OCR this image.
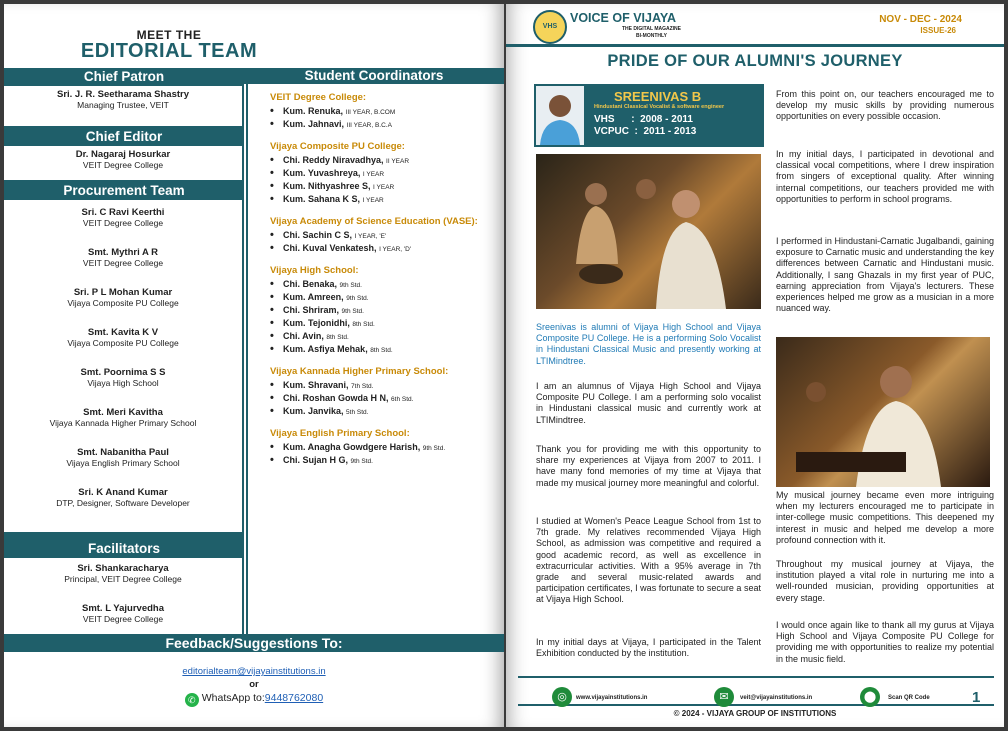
MEET THE
EDITORIAL TEAM
Chief Patron
Sri. J. R. Seetharama Shastry
Managing Trustee, VEIT
Chief Editor
Dr. Nagaraj Hosurkar
VEIT Degree College
Procurement Team
Sri. C Ravi Keerthi
VEIT Degree College
Smt. Mythri A R
VEIT Degree College
Sri. P L Mohan Kumar
Vijaya Composite PU College
Smt. Kavita K V
Vijaya Composite PU College
Smt. Poornima S S
Vijaya High School
Smt. Meri Kavitha
Vijaya Kannada Higher Primary School
Smt. Nabanitha Paul
Vijaya English Primary School
Sri. K Anand Kumar
DTP, Designer, Software Developer
Facilitators
Sri. Shankaracharya
Principal, VEIT Degree College
Smt. L Yajurvedha
VEIT Degree College
Student Coordinators
VEIT Degree College:
• Kum. Renuka, III YEAR, B.COM
• Kum. Jahnavi, III YEAR, B.C.A
Vijaya Composite PU College:
• Chi. Reddy Niravadhya, II YEAR
• Kum. Yuvashreya, I YEAR
• Kum. Nithyashree S, I YEAR
• Kum. Sahana K S, I YEAR
Vijaya Academy of Science Education (VASE):
• Chi. Sachin C S, I YEAR, 'E'
• Chi. Kuval Venkatesh, I YEAR, 'D'
Vijaya High School:
• Chi. Benaka, 9th Std.
• Kum. Amreen, 9th Std.
• Chi. Shriram, 9th Std.
• Kum. Tejonidhi, 8th Std.
• Chi. Avin, 8th Std.
• Kum. Asfiya Mehak, 8th Std.
Vijaya Kannada Higher Primary School:
• Kum. Shravani, 7th Std.
• Chi. Roshan Gowda H N, 6th Std.
• Kum. Janvika, 5th Std.
Vijaya English Primary School:
• Kum. Anagha Gowdgere Harish, 9th Std.
• Chi. Sujan H G, 9th Std.
Feedback/Suggestions To:
editorialteam@vijayainstitutions.in
or
✆ WhatsApp to:9448762080
VHS
VOICE OF VIJAYA
THE DIGITAL MAGAZINE
BI-MONTHLY
NOV - DEC - 2024
ISSUE-26
PRIDE OF OUR ALUMNI'S JOURNEY
SREENIVAS B
Hindustani Classical Vocalist & software engineer
VHS      :  2008 - 2011
VCPUC  :  2011 - 2013
Sreenivas is alumni of Vijaya High School and Vijaya Composite PU College. He is a performing Solo Vocalist in Hindustani Classical Music and presently working at LTIMindtree.
I am an alumnus of Vijaya High School and Vijaya Composite PU College. I am a performing solo vocalist in Hindustani classical music and currently work at LTIMindtree.
Thank you for providing me with this opportunity to share my experiences at Vijaya from 2007 to 2011. I have many fond memories of my time at Vijaya that made my musical journey more meaningful and colorful.
I studied at Women's Peace League School from 1st to 7th grade. My relatives recommended Vijaya High School, as admission was competitive and required a good academic record, as well as excellence in extracurricular activities. With a 95% average in 7th grade and several music-related awards and participation certificates, I was fortunate to secure a seat at Vijaya High School.
In my initial days at Vijaya, I participated in the Talent Exhibition conducted by the institution.
From this point on, our teachers encouraged me to develop my music skills by providing numerous opportunities on every possible occasion.
In my initial days, I participated in devotional and classical vocal competitions, where I drew inspiration from singers of exceptional quality. After winning internal competitions, our teachers provided me with opportunities to perform in school programs.
I performed in Hindustani-Carnatic Jugalbandi, gaining exposure to Carnatic music and understanding the key differences between Carnatic and Hindustani music. Additionally, I sang Ghazals in my first year of PUC, earning appreciation from Vijaya's lecturers. These experiences helped me grow as a musician in a more nuanced way.
My musical journey became even more intriguing when my lecturers encouraged me to participate in inter-college music competitions. This deepened my interest in music and helped me develop a more profound connection with it.
Throughout my musical journey at Vijaya, the institution played a vital role in nurturing me into a well-rounded musician, providing opportunities at every stage.
I would once again like to thank all my gurus at Vijaya High School and Vijaya Composite PU College for providing me with opportunities to realize my potential in the music field.
◎	www.vijayainstitutions.in	✉	veit@vijayainstitutions.in	⬤	Scan QR Code	1
© 2024 - VIJAYA GROUP OF INSTITUTIONS
